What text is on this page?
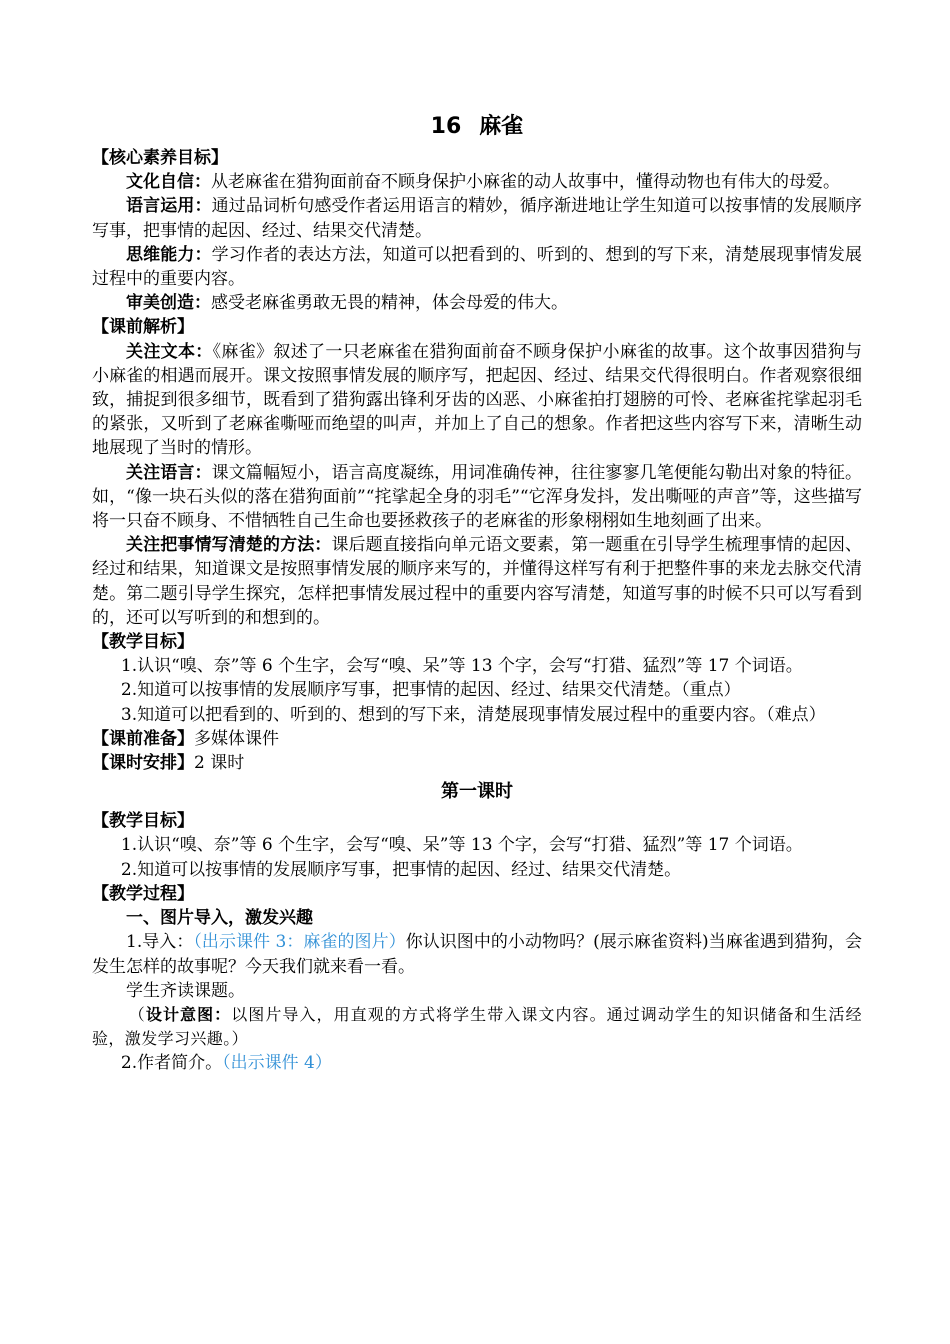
16 麻雀
【核心素养目标】

文化自信：从老麻雀在猎狗面前奋不顾身保护小麻雀的动人故事中，懂得动物也有伟大的母爱。

语言运用：通过品词析句感受作者运用语言的精妙，循序渐进地让学生知道可以按事情的发展顺序写事，把事情的起因、经过、结果交代清楚。

思维能力：学习作者的表达方法，知道可以把看到的、听到的、想到的写下来，清楚展现事情发展过程中的重要内容。

审美创造：感受老麻雀勇敢无畏的精神，体会母爱的伟大。

【课前解析】

关注文本：《麻雀》叙述了一只老麻雀在猎狗面前奋不顾身保护小麻雀的故事。这个故事因猎狗与小麻雀的相遇而展开。课文按照事情发展的顺序写，把起因、经过、结果交代得很明白。作者观察很细致，捕捉到很多细节，既看到了猎狗露出锋利牙齿的凶恶、小麻雀拍打翅膀的可怜、老麻雀挓挲起羽毛的紧张，又听到了老麻雀嘶哑而绝望的叫声，并加上了自己的想象。作者把这些内容写下来，清晰生动地展现了当时的情形。

关注语言：课文篇幅短小，语言高度凝练，用词准确传神，往往寥寥几笔便能勾勒出对象的特征。如，“像一块石头似的落在猎狗面前”“挓挲起全身的羽毛”“它浑身发抖，发出嘶哑的声音”等，这些描写将一只奋不顾身、不惜牺牲自己生命也要拯救孩子的老麻雀的形象栩栩如生地刻画了出来。

关注把事情写清楚的方法：课后题直接指向单元语文要素，第一题重在引导学生梳理事情的起因、经过和结果，知道课文是按照事情发展的顺序来写的，并懂得这样写有利于把整件事的来龙去脉交代清楚。第二题引导学生探究，怎样把事情发展过程中的重要内容写清楚，知道写事的时候不只可以写看到的，还可以写听到的和想到的。

【教学目标】

1.认识“嗅、奈”等 6 个生字，会写“嗅、呆”等 13 个字，会写“打猎、猛烈”等 17 个词语。

2.知道可以按事情的发展顺序写事，把事情的起因、经过、结果交代清楚。（重点）

3.知道可以把看到的、听到的、想到的写下来，清楚展现事情发展过程中的重要内容。（难点）

【课前准备】多媒体课件

【课时安排】2 课时

第一课时
【教学目标】

1.认识“嗅、奈”等 6 个生字，会写“嗅、呆”等 13 个字，会写“打猎、猛烈”等 17 个词语。

2.知道可以按事情的发展顺序写事，把事情的起因、经过、结果交代清楚。

【教学过程】

一、图片导入，激发兴趣

1.导入：（出示课件 3：麻雀的图片）你认识图中的小动物吗？(展示麻雀资料)当麻雀遇到猎狗，会发生怎样的故事呢？今天我们就来看一看。

学生齐读课题。

（设计意图：以图片导入，用直观的方式将学生带入课文内容。通过调动学生的知识储备和生活经验，激发学习兴趣。）

2.作者简介。（出示课件 4）
